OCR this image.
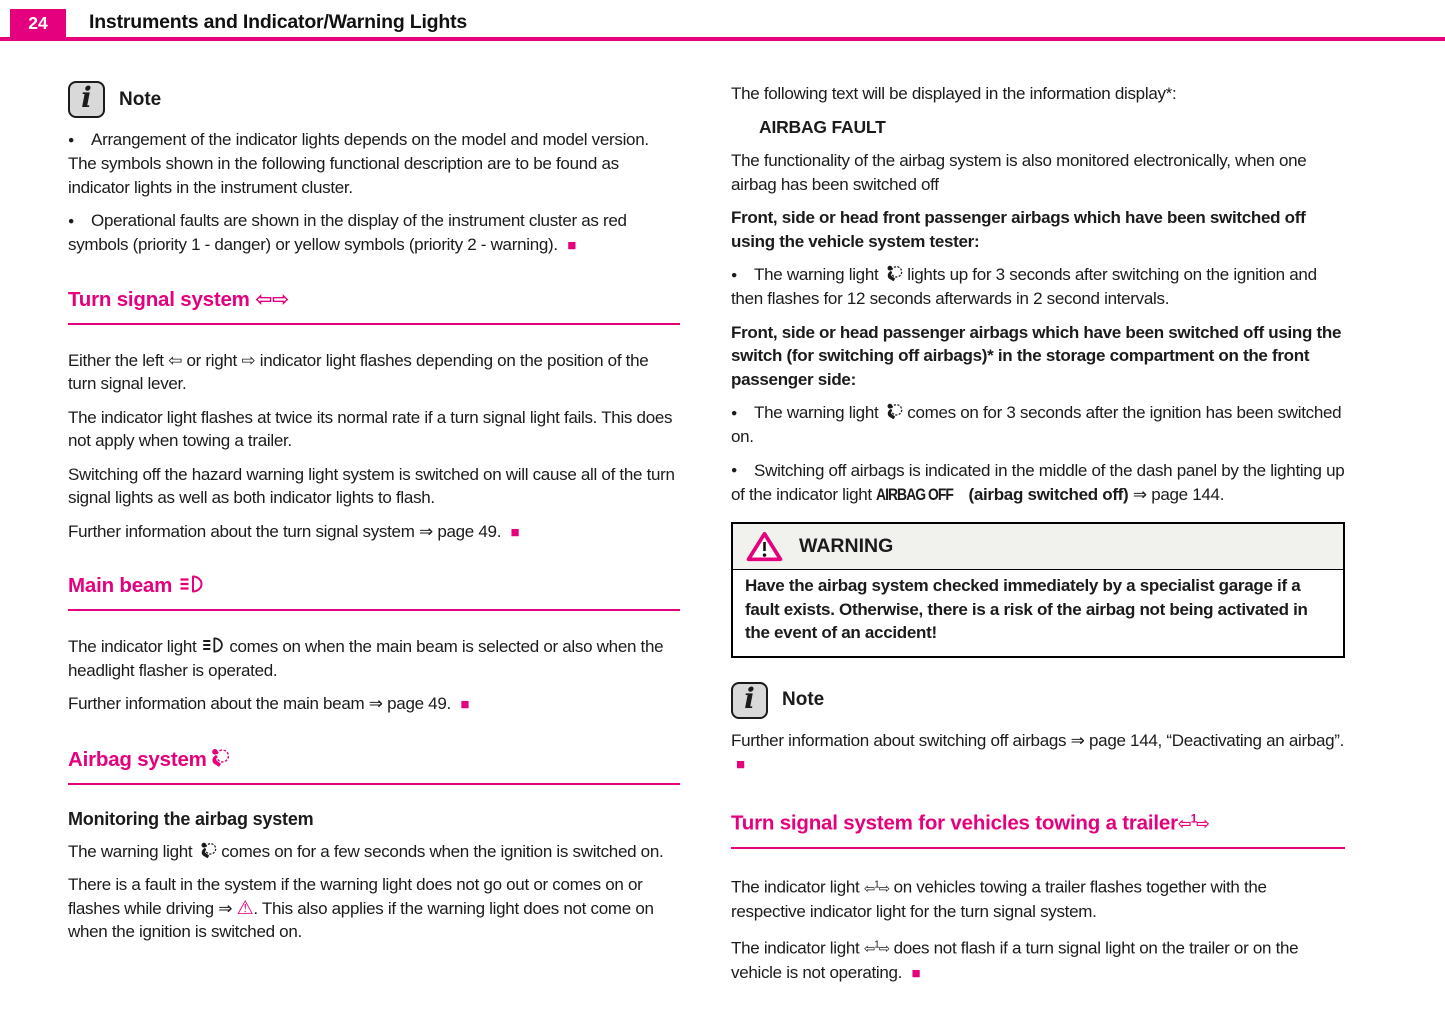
24	Instruments and Indicator/Warning Lights
i	Note

● Arrangement of the indicator lights depends on the model and model version. The symbols shown in the following functional description are to be found as indicator lights in the instrument cluster.

● Operational faults are shown in the display of the instrument cluster as red symbols (priority 1 - danger) or yellow symbols (priority 2 - warning). ■

Turn signal system ⇦⇨

Either the left ⇦ or right ⇨ indicator light flashes depending on the position of the turn signal lever.

The indicator light flashes at twice its normal rate if a turn signal light fails. This does not apply when towing a trailer.

Switching off the hazard warning light system is switched on will cause all of the turn signal lights as well as both indicator lights to flash.

Further information about the turn signal system ⇒ page 49. ■

Main beam

The indicator light  comes on when the main beam is selected or also when the headlight flasher is operated.

Further information about the main beam ⇒ page 49. ■

Airbag system
Monitoring the airbag system

The warning light  comes on for a few seconds when the ignition is switched on.

There is a fault in the system if the warning light does not go out or comes on or flashes while driving ⇒ ⚠. This also applies if the warning light does not come on when the ignition is switched on.

The following text will be displayed in the information display*:

AIRBAG FAULT

The functionality of the airbag system is also monitored electronically, when one airbag has been switched off

Front, side or head front passenger airbags which have been switched off using the vehicle system tester:

● The warning light  lights up for 3 seconds after switching on the ignition and then flashes for 12 seconds afterwards in 2 second intervals.

Front, side or head passenger airbags which have been switched off using the switch (for switching off airbags)* in the storage compartment on the front passenger side:

● The warning light  comes on for 3 seconds after the ignition has been switched on.

● Switching off airbags is indicated in the middle of the dash panel by the lighting up of the indicator light AIRBAG OFF (airbag switched off) ⇒ page 144.

WARNING
Have the airbag system checked immediately by a specialist garage if a fault exists. Otherwise, there is a risk of the airbag not being activated in the event of an accident!
i	Note

Further information about switching off airbags ⇒ page 144, “Deactivating an airbag”. ■

Turn signal system for vehicles towing a trailer⇦$^1$⇨

The indicator light ⇦$^1$⇨ on vehicles towing a trailer flashes together with the respective indicator light for the turn signal system.

The indicator light ⇦$^1$⇨ does not flash if a turn signal light on the trailer or on the vehicle is not operating. ■
